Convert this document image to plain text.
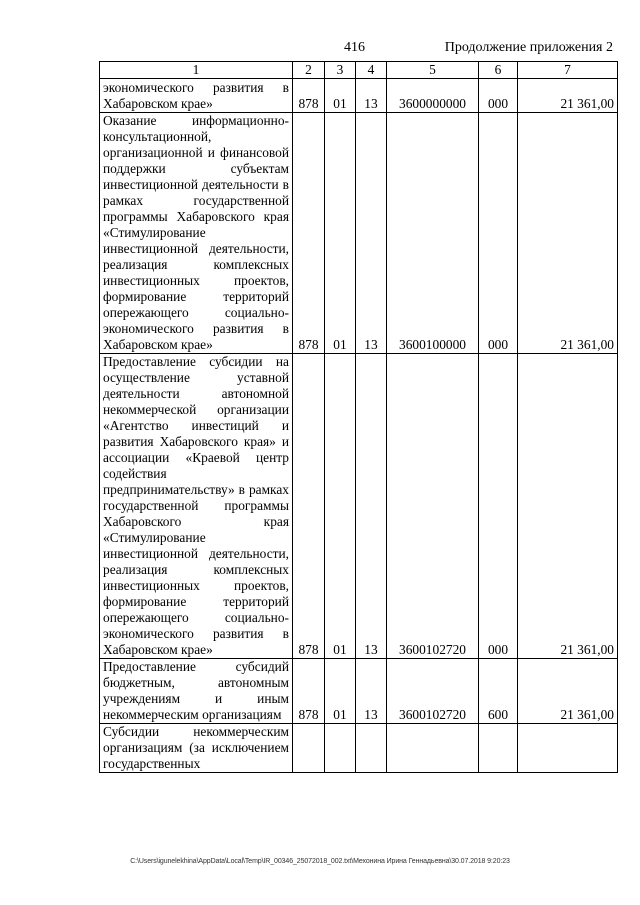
416	Продолжение приложения 2
1	2	3	4	5	6	7
экономического развития в Хабаровском крае»	878	01	13	3600000000	000	21 361,00
Оказание информационно-консультационной, организационной и финансовой поддержки субъектам инвестиционной деятельности в рамках государственной программы Хабаровского края «Стимулирование инвестиционной деятельности, реализация комплексных инвестиционных проектов, формирование территорий опережающего социально-экономического развития в Хабаровском крае»	878	01	13	3600100000	000	21 361,00
Предоставление субсидии на осуществление уставной деятельности автономной некоммерческой организации «Агентство инвестиций и развития Хабаровского края» и ассоциации «Краевой центр содействия предпринимательству» в рамках государственной программы Хабаровского края «Стимулирование инвестиционной деятельности, реализация комплексных инвестиционных проектов, формирование территорий опережающего социально-экономического развития в Хабаровском крае»	878	01	13	3600102720	000	21 361,00
Предоставление субсидий бюджетным, автономным учреждениям и иным некоммерческим организациям	878	01	13	3600102720	600	21 361,00
Субсидии некоммерческим организациям (за исключением государственных						
C:\Users\igunelekhina\AppData\Local\Temp\IR_00346_25072018_002.txt\Мехонина Ирина Геннадьевна\30.07.2018 9:20:23
